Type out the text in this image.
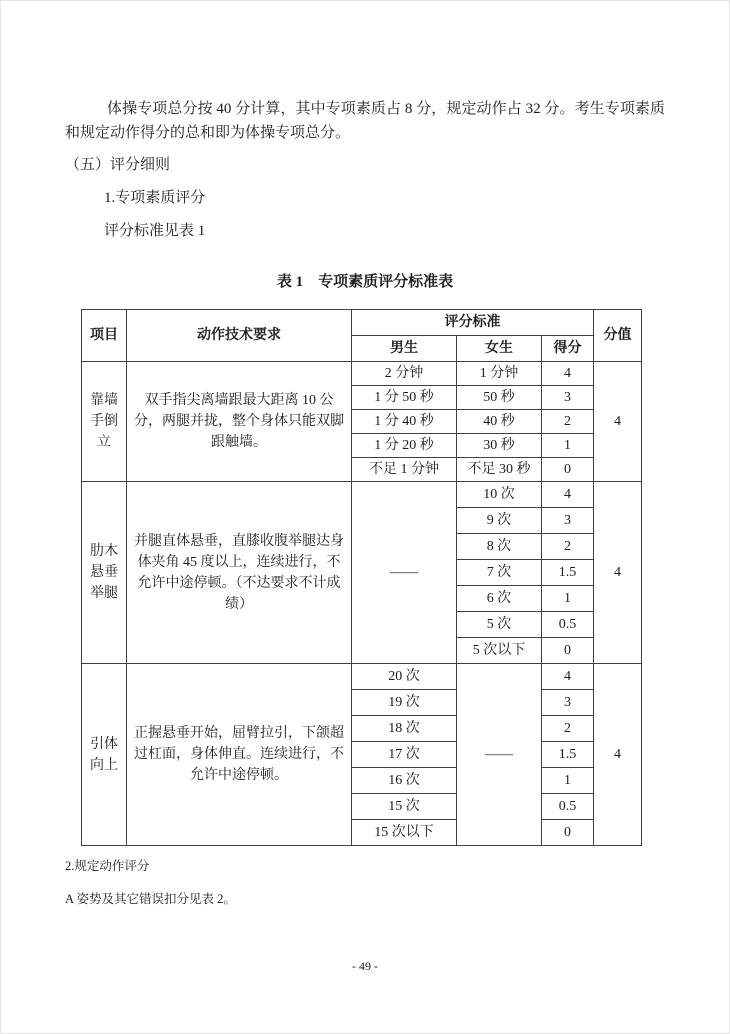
体操专项总分按 40 分计算，其中专项素质占 8 分，规定动作占 32 分。考生专项素质和规定动作得分的总和即为体操专项总分。

（五）评分细则

1.专项素质评分

评分标准见表 1

表 1　专项素质评分标准表

项目	动作技术要求	评分标准			分值
		男生	女生	得分	
靠墙手倒立	双手指尖离墙跟最大距离 10 公分，两腿并拢，整个身体只能双脚跟触墙。	2 分钟	1 分钟	4	4
		1 分 50 秒	50 秒	3	
		1 分 40 秒	40 秒	2	
		1 分 20 秒	30 秒	1	
		不足 1 分钟	不足 30 秒	0	
肋木悬垂举腿	并腿直体悬垂，直膝收腹举腿达身体夹角 45 度以上，连续进行，不允许中途停顿。（不达要求不计成绩）	——	10 次	4	4
			9 次	3	
			8 次	2	
			7 次	1.5	
			6 次	1	
			5 次	0.5	
			5 次以下	0	
引体向上	正握悬垂开始，屈臂拉引，下颌超过杠面，身体伸直。连续进行，不允许中途停顿。	20 次	——	4	4
		19 次		3	
		18 次		2	
		17 次		1.5	
		16 次		1	
		15 次		0.5	
		15 次以下		0	

2.规定动作评分

A 姿势及其它错误扣分见表 2。

- 49 -
